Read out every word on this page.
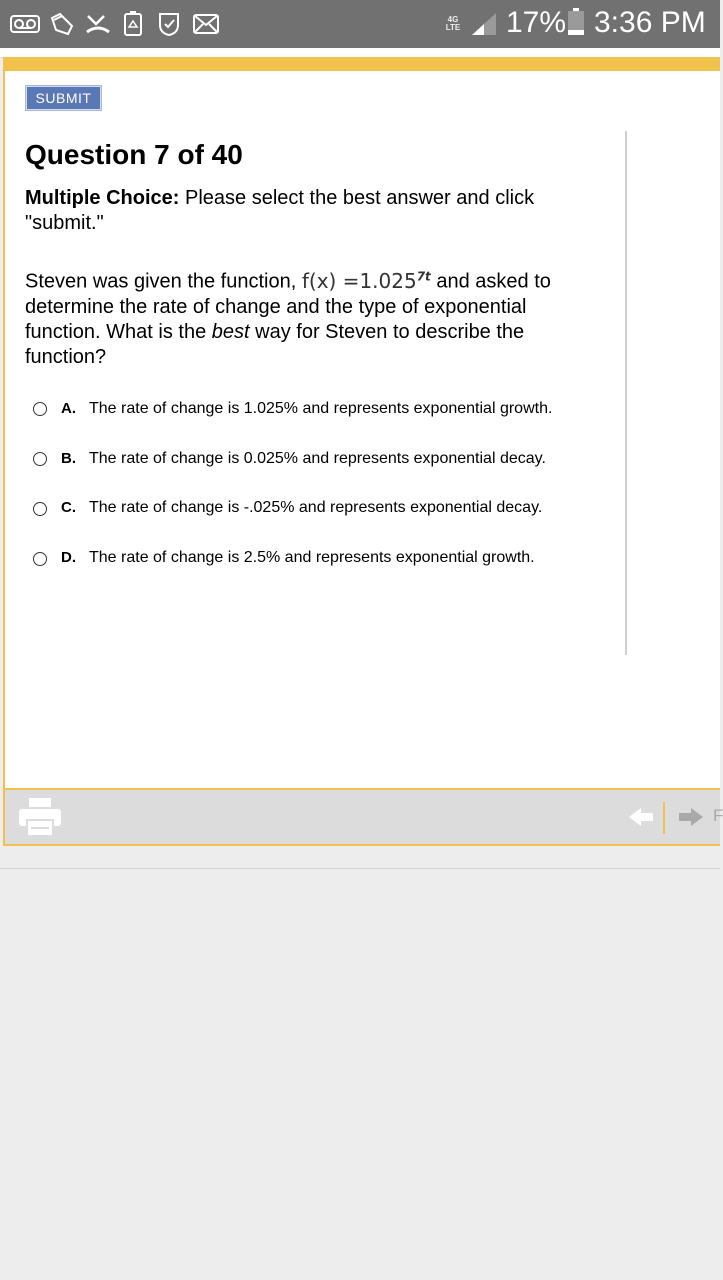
4G LTE 17% 3:36 PM
SUBMIT
Question 7 of 40
Multiple Choice: Please select the best answer and click "submit."
Steven was given the function, $f(x) =1.025^{7t}$ and asked to determine the rate of change and the type of exponential function. What is the best way for Steven to describe the function?
A. The rate of change is 1.025% and represents exponential growth.
B. The rate of change is 0.025% and represents exponential decay.
C. The rate of change is -.025% and represents exponential decay.
D. The rate of change is 2.5% and represents exponential growth.
F
